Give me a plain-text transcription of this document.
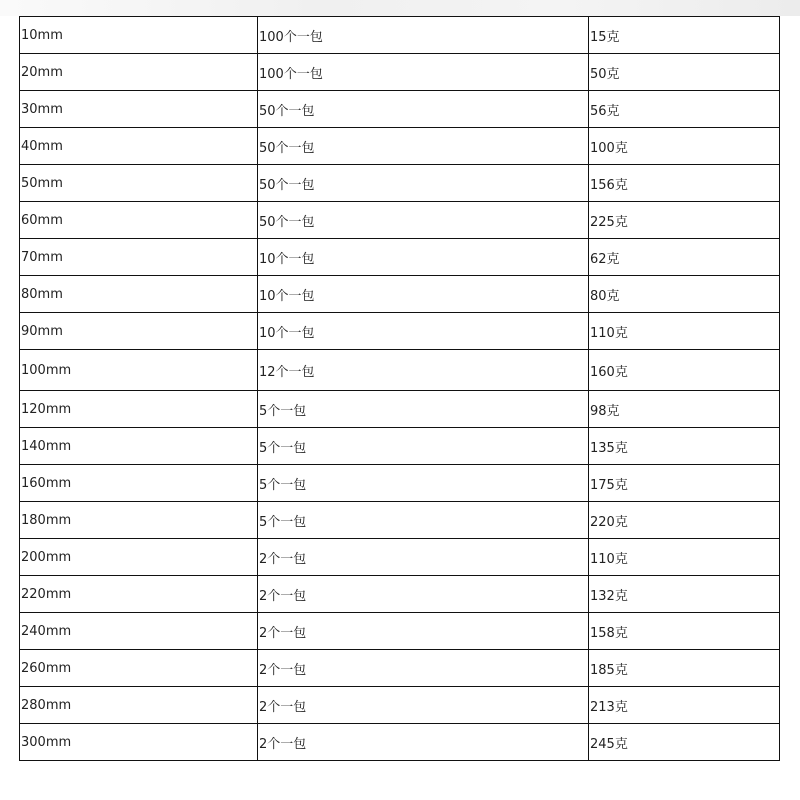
10mm	100个一包	15克
20mm	100个一包	50克
30mm	50个一包	56克
40mm	50个一包	100克
50mm	50个一包	156克
60mm	50个一包	225克
70mm	10个一包	62克
80mm	10个一包	80克
90mm	10个一包	110克
100mm	12个一包	160克
120mm	5个一包	98克
140mm	5个一包	135克
160mm	5个一包	175克
180mm	5个一包	220克
200mm	2个一包	110克
220mm	2个一包	132克
240mm	2个一包	158克
260mm	2个一包	185克
280mm	2个一包	213克
300mm	2个一包	245克
